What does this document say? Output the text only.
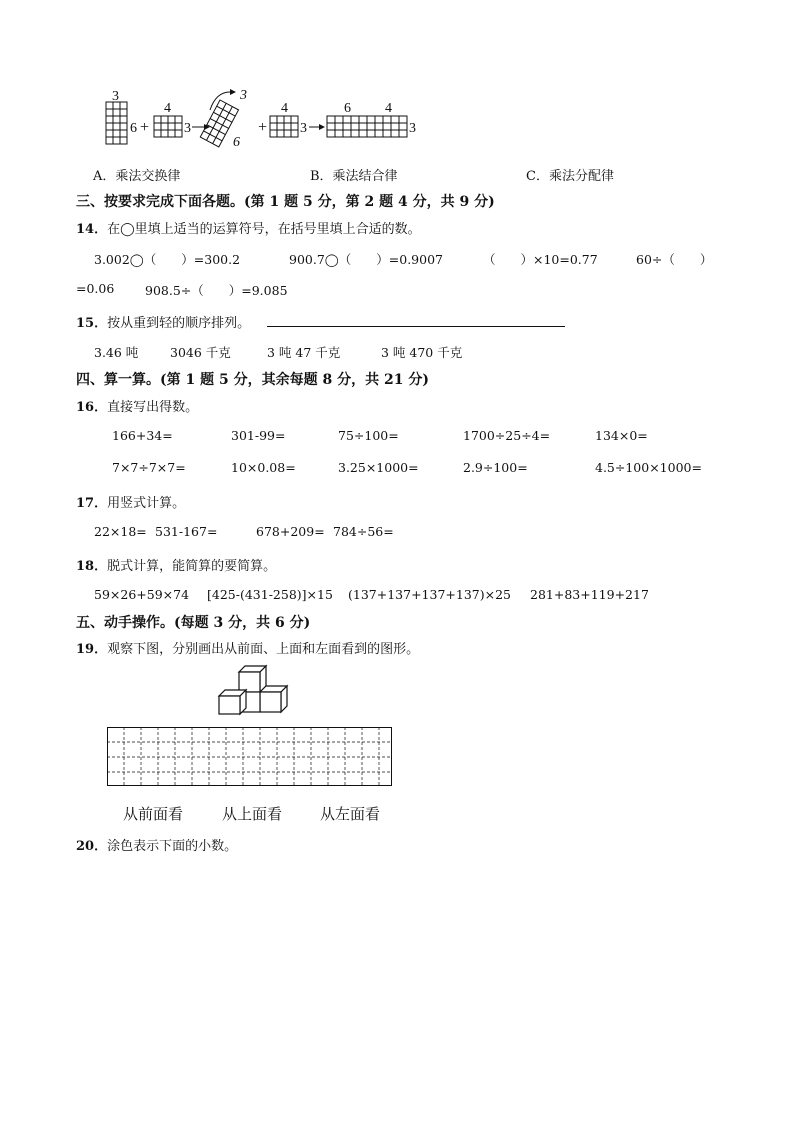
3
6 +
4
3
3
6
+
4
3
6 4
3
A．乘法交换律	B．乘法结合律	C．乘法分配律
三、按要求完成下面各题。(第 1 题 5 分，第 2 题 4 分，共 9 分)
14．在◯里填上适当的运算符号，在括号里填上合适的数。
3.002◯（　　）=300.2	900.7◯（　　）=0.9007	（　　）×10=0.77	60÷（　　）
=0.06 908.5÷（　　）=9.085
15．按从重到轻的顺序排列。
3.46 吨	3046 千克	3 吨 47 千克	3 吨 470 千克
四、算一算。(第 1 题 5 分，其余每题 8 分，共 21 分)
16．直接写出得数。
166+34=	301-99=	75÷100=	1700÷25÷4=	134×0=
7×7÷7×7=	10×0.08=	3.25×1000=	2.9÷100=	4.5÷100×1000=
17．用竖式计算。
22×18= 531-167=	678+209= 784÷56=
18．脱式计算，能简算的要简算。
59×26+59×74 [425-(431-258)]×15 (137+137+137+137)×25 281+83+119+217
五、动手操作。(每题 3 分，共 6 分)
19．观察下图，分别画出从前面、上面和左面看到的图形。
从前面看	从上面看	从左面看
20．涂色表示下面的小数。
